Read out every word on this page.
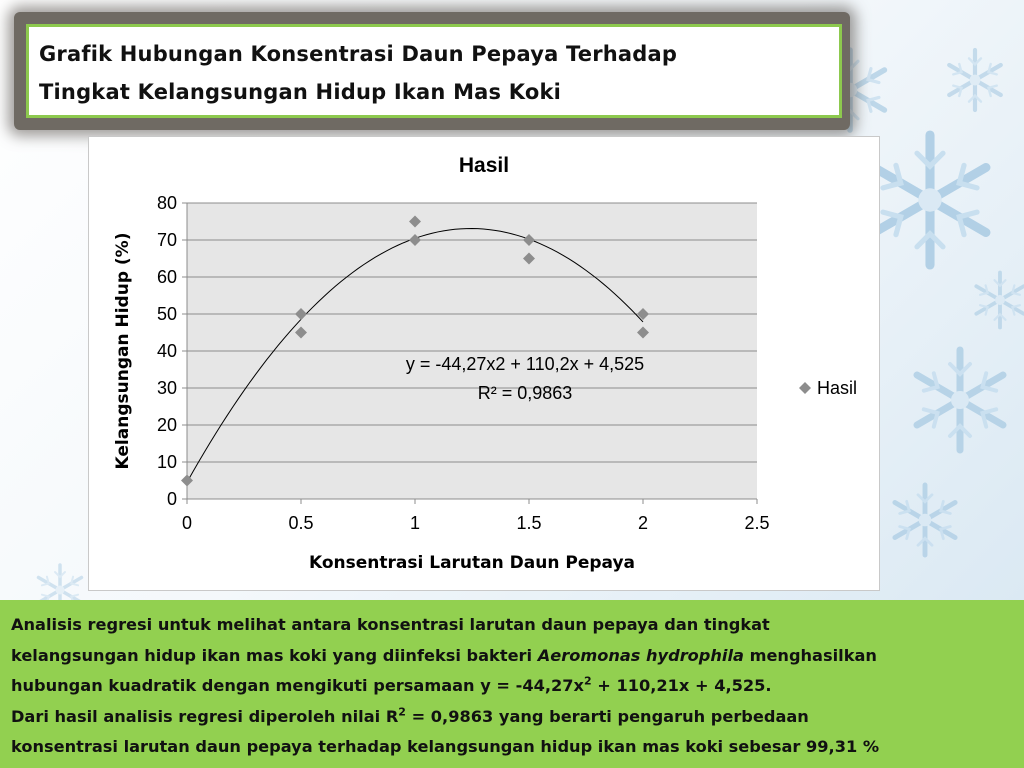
Grafik Hubungan Konsentrasi Daun Pepaya Terhadap
Tingkat Kelangsungan Hidup Ikan Mas Koki
Hasil
0
10
20
30
40
50
60
70
80
0	0.5	1	1.5	2	2.5
y = -44,27x2 + 110,2x + 4,525
R² = 0,9863
Konsentrasi Larutan Daun Pepaya
Kelangsungan Hidup (%)	Hasil

Analisis regresi untuk melihat antara konsentrasi larutan daun pepaya dan tingkat

kelangsungan hidup ikan mas koki yang diinfeksi bakteri Aeromonas hydrophila menghasilkan

hubungan kuadratik dengan mengikuti persamaan $y = -44,27x^2 + 110,21x + 4,525$.

Dari hasil analisis regresi diperoleh nilai $R^2 = 0,9863$ yang berarti pengaruh perbedaan

konsentrasi larutan daun pepaya terhadap kelangsungan hidup ikan mas koki sebesar 99,31 %
